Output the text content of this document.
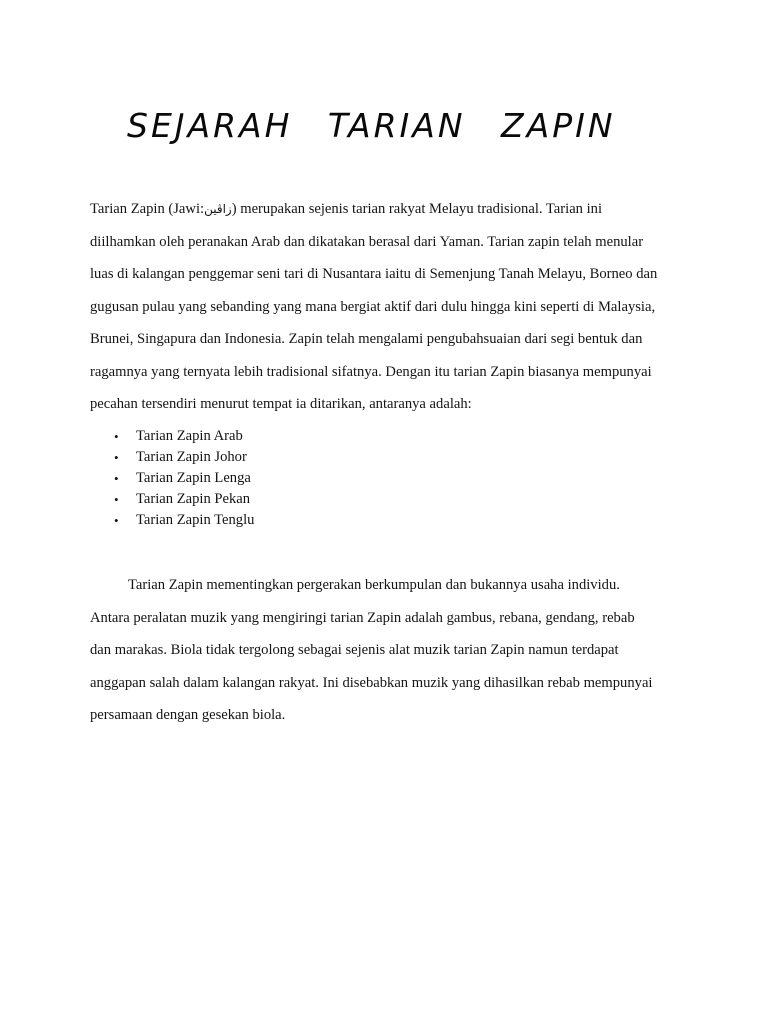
SEJARAH TARIAN ZAPIN
Tarian Zapin (Jawi:زاڤين) merupakan sejenis tarian rakyat Melayu tradisional. Tarian ini
diilhamkan oleh peranakan Arab dan dikatakan berasal dari Yaman. Tarian zapin telah menular
luas di kalangan penggemar seni tari di Nusantara iaitu di Semenjung Tanah Melayu, Borneo dan
gugusan pulau yang sebanding yang mana bergiat aktif dari dulu hingga kini seperti di Malaysia,
Brunei, Singapura dan Indonesia. Zapin telah mengalami pengubahsuaian dari segi bentuk dan
ragamnya yang ternyata lebih tradisional sifatnya. Dengan itu tarian Zapin biasanya mempunyai
pecahan tersendiri menurut tempat ia ditarikan, antaranya adalah:
• Tarian Zapin Arab
• Tarian Zapin Johor
• Tarian Zapin Lenga
• Tarian Zapin Pekan
• Tarian Zapin Tenglu
Tarian Zapin mementingkan pergerakan berkumpulan dan bukannya usaha individu.
Antara peralatan muzik yang mengiringi tarian Zapin adalah gambus, rebana, gendang, rebab
dan marakas. Biola tidak tergolong sebagai sejenis alat muzik tarian Zapin namun terdapat
anggapan salah dalam kalangan rakyat. Ini disebabkan muzik yang dihasilkan rebab mempunyai
persamaan dengan gesekan biola.
